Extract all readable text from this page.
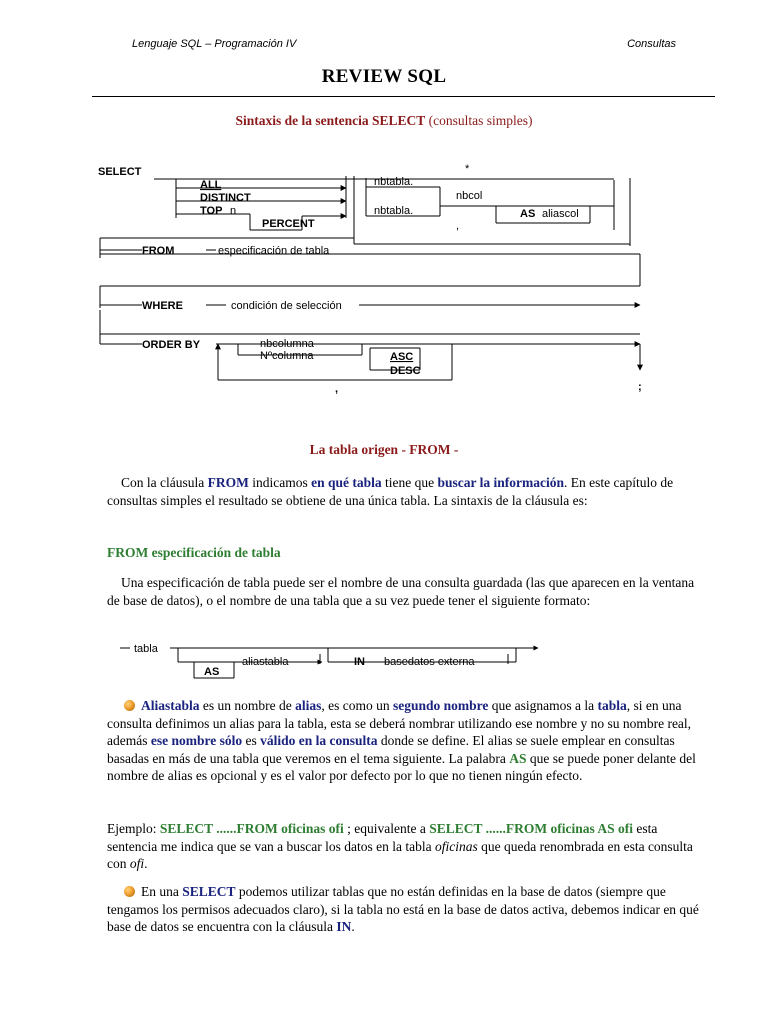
Lenguaje SQL – Programación IV	Consultas
REVIEW SQL
Sintaxis de la sentencia SELECT (consultas simples)
SELECT
ALL
DISTINCT
TOP n
PERCENT
*
nbtabla.
nbtabla.
nbcol
AS aliascol
,
FROM	especificación de tabla
WHERE	condición de selección
ORDER BY	nbcolumna
Nºcolumna	ASC
DESC
,	;
La tabla origen - FROM -
Con la cláusula FROM indicamos en qué tabla tiene que buscar la información. En este capítulo de consultas simples el resultado se obtiene de una única tabla. La sintaxis de la cláusula es:
FROM especificación de tabla
Una especificación de tabla puede ser el nombre de una consulta guardada (las que aparecen en la ventana de base de datos), o el nombre de una tabla que a su vez puede tener el siguiente formato:
tabla
AS
aliastabla	IN basedatos externa
Aliastabla es un nombre de alias, es como un segundo nombre que asignamos a la tabla, si en una consulta definimos un alias para la tabla, esta se deberá nombrar utilizando ese nombre y no su nombre real, además ese nombre sólo es válido en la consulta donde se define. El alias se suele emplear en consultas basadas en más de una tabla que veremos en el tema siguiente. La palabra AS que se puede poner delante del nombre de alias es opcional y es el valor por defecto por lo que no tienen ningún efecto.
Ejemplo: SELECT ......FROM oficinas ofi ; equivalente a SELECT ......FROM oficinas AS ofi esta sentencia me indica que se van a buscar los datos en la tabla oficinas que queda renombrada en esta consulta con ofi.
En una SELECT podemos utilizar tablas que no están definidas en la base de datos (siempre que tengamos los permisos adecuados claro), si la tabla no está en la base de datos activa, debemos indicar en qué base de datos se encuentra con la cláusula IN.
